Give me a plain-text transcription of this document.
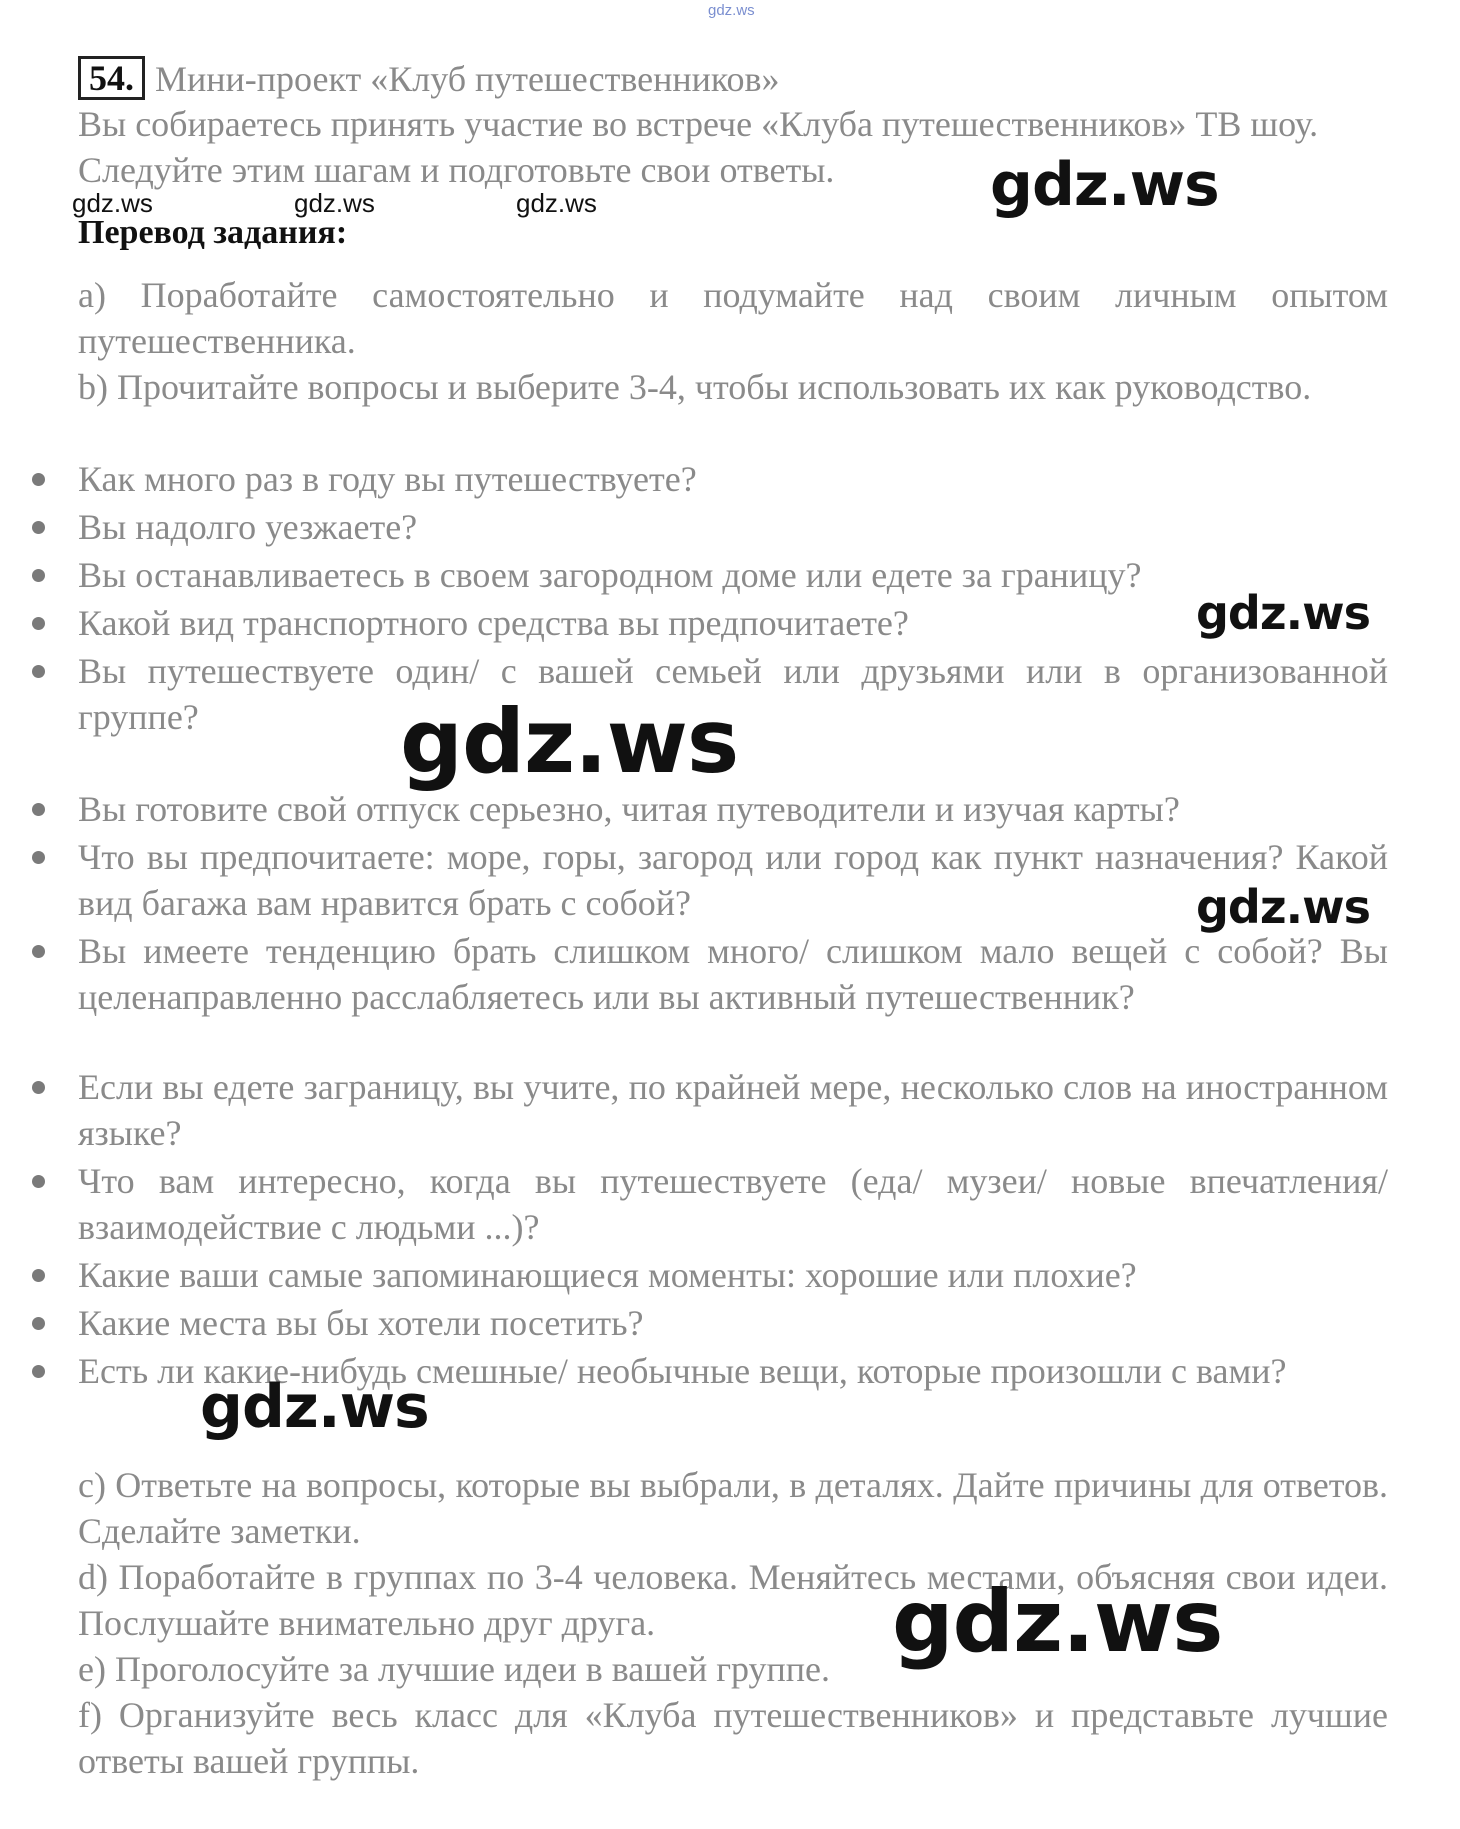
gdz.ws
54. Мини-проект «Клуб путешественников»

Вы собираетесь принять участие во встрече «Клуба путешественников» ТВ шоу. Следуйте этим шагам и подготовьте свои ответы.

gdz.ws	gdz.ws	gdz.ws
Перевод задания:

а) Поработайте самостоятельно и подумайте над своим личным опытом путешественника.

b) Прочитайте вопросы и выберите 3-4, чтобы использовать их как руководство.

Как много раз в году вы путешествуете?
Вы надолго уезжаете?
Вы останавливаетесь в своем загородном доме или едете за границу?
Какой вид транспортного средства вы предпочитаете?
Вы путешествуете один/ с вашей семьей или друзьями или в организованной группе?
Вы готовите свой отпуск серьезно, читая путеводители и изучая карты?
Что вы предпочитаете: море, горы, загород или город как пункт назначения? Какой вид багажа вам нравится брать с собой?
Вы имеете тенденцию брать слишком много/ слишком мало вещей с собой? Вы целенаправленно расслабляетесь или вы активный путешественник?
Если вы едете заграницу, вы учите, по крайней мере, несколько слов на иностранном языке?
Что вам интересно, когда вы путешествуете (еда/ музеи/ новые впечатления/ взаимодействие с людьми ...)?
Какие ваши самые запоминающиеся моменты: хорошие или плохие?
Какие места вы бы хотели посетить?
Есть ли какие-нибудь смешные/ необычные вещи, которые произошли с вами?

с) Ответьте на вопросы, которые вы выбрали, в деталях. Дайте причины для ответов. Сделайте заметки.

d) Поработайте в группах по 3-4 человека. Меняйтесь местами, объясняя свои идеи. Послушайте внимательно друг друга.

е) Проголосуйте за лучшие идеи в вашей группе.

f) Организуйте весь класс для «Клуба путешественников» и представьте лучшие ответы вашей группы.

gdz.ws
gdz.ws
gdz.ws
gdz.ws
gdz.ws
gdz.ws
